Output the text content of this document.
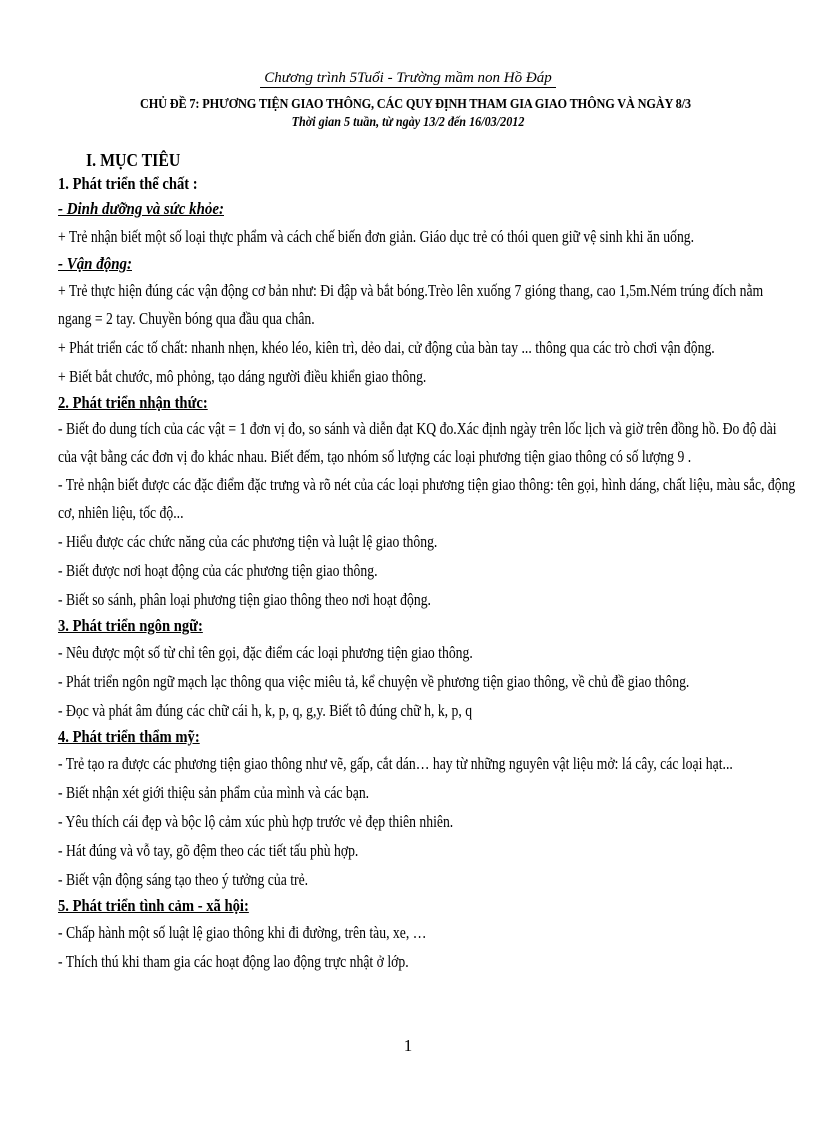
Chương trình 5Tuổi - Trường mầm non Hồ Đáp
CHỦ ĐỀ 7: PHƯƠNG TIỆN GIAO THÔNG, CÁC QUY ĐỊNH THAM GIA GIAO THÔNG VÀ NGÀY 8/3
Thời gian 5 tuần, từ ngày 13/2 đến 16/03/2012
I. MỤC TIÊU
1. Phát triển thể chất :
- Dinh dưỡng và sức khỏe:
+ Trẻ nhận biết một số loại thực phẩm và cách chế biến đơn giản. Giáo dục trẻ có thói quen giữ vệ sinh khi ăn uống.
- Vận động:
+ Trẻ thực hiện đúng các vận động cơ bản như: Đi đập và bắt bóng.Trèo lên xuống 7 gióng thang, cao 1,5m.Ném trúng đích nằm ngang = 2 tay. Chuyền bóng qua đầu qua chân.
+ Phát triển các tố chất: nhanh nhẹn, khéo léo, kiên trì, dẻo dai, cử động của bàn tay ... thông qua các trò chơi vận động.
+ Biết bắt chước, mô phỏng, tạo dáng người điều khiển giao thông.
2. Phát triển nhận thức:
- Biết đo dung tích của các vật = 1 đơn vị đo, so sánh và diễn đạt KQ đo.Xác định ngày trên lốc lịch và giờ trên đồng hồ. Đo độ dài của vật bằng các đơn vị đo khác nhau. Biết đếm, tạo nhóm số lượng các loại phương tiện giao thông có số lượng 9 .
- Trẻ nhận biết được các đặc điểm đặc trưng và rõ nét của các loại phương tiện giao thông: tên gọi, hình dáng, chất liệu, màu sắc, động cơ, nhiên liệu, tốc độ...
- Hiểu được các chức năng của các phương tiện và luật lệ giao thông.
- Biết được nơi hoạt động của các phương tiện giao thông.
- Biết so sánh, phân loại phương tiện giao thông theo nơi hoạt động.
3. Phát triển ngôn ngữ:
- Nêu được một số từ chỉ tên gọi, đặc điểm các loại phương tiện giao thông.
- Phát triển ngôn ngữ mạch lạc thông qua việc miêu tả, kể chuyện về phương tiện giao thông, về chủ đề giao thông.
- Đọc và phát âm đúng các chữ cái h, k, p, q, g,y. Biết tô đúng chữ h, k, p, q
4. Phát triển thẩm mỹ:
- Trẻ tạo ra được các phương tiện giao thông như vẽ, gấp, cắt dán… hay từ những nguyên vật liệu mở: lá cây, các loại hạt...
- Biết nhận xét giới thiệu sản phẩm của mình và các bạn.
- Yêu thích cái đẹp và bộc lộ cảm xúc phù hợp trước vẻ đẹp thiên nhiên.
- Hát đúng và vỗ tay, gõ đệm theo các tiết tấu phù hợp.
- Biết vận động sáng tạo theo ý tưởng của trẻ.
5. Phát triển tình cảm - xã hội:
- Chấp hành một số luật lệ giao thông khi đi đường, trên tàu, xe, …
- Thích thú khi tham gia các hoạt động lao động trực nhật ở lớp.
1
